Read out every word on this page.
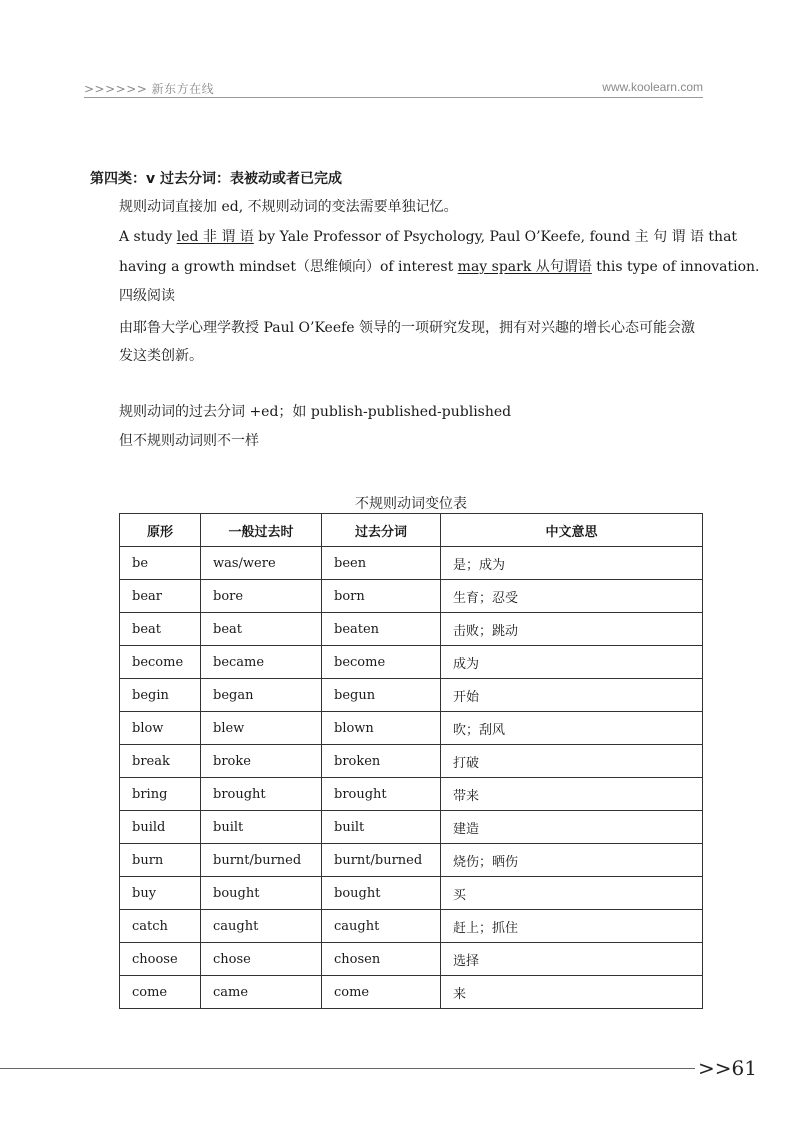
>>>>>> 新东方在线	www.koolearn.com
第四类：v 过去分词：表被动或者已完成
规则动词直接加 ed, 不规则动词的变法需要单独记忆。
A study led 非 谓 语 by Yale Professor of Psychology, Paul O’Keefe, found 主 句 谓 语 that
having a growth mindset（思维倾向）of interest may spark 从句谓语 this type of innovation.
四级阅读
由耶鲁大学心理学教授 Paul O’Keefe 领导的一项研究发现，拥有对兴趣的增长心态可能会激发这类创新。
规则动词的过去分词 +ed；如 publish-published-published
但不规则动词则不一样
不规则动词变位表
原形	一般过去时	过去分词	中文意思
be	was/were	been	是；成为
bear	bore	born	生育；忍受
beat	beat	beaten	击败；跳动
become	became	become	成为
begin	began	begun	开始
blow	blew	blown	吹；刮风
break	broke	broken	打破
bring	brought	brought	带来
build	built	built	建造
burn	burnt/burned	burnt/burned	烧伤；晒伤
buy	bought	bought	买
catch	caught	caught	赶上；抓住
choose	chose	chosen	选择
come	came	come	来
>>61
